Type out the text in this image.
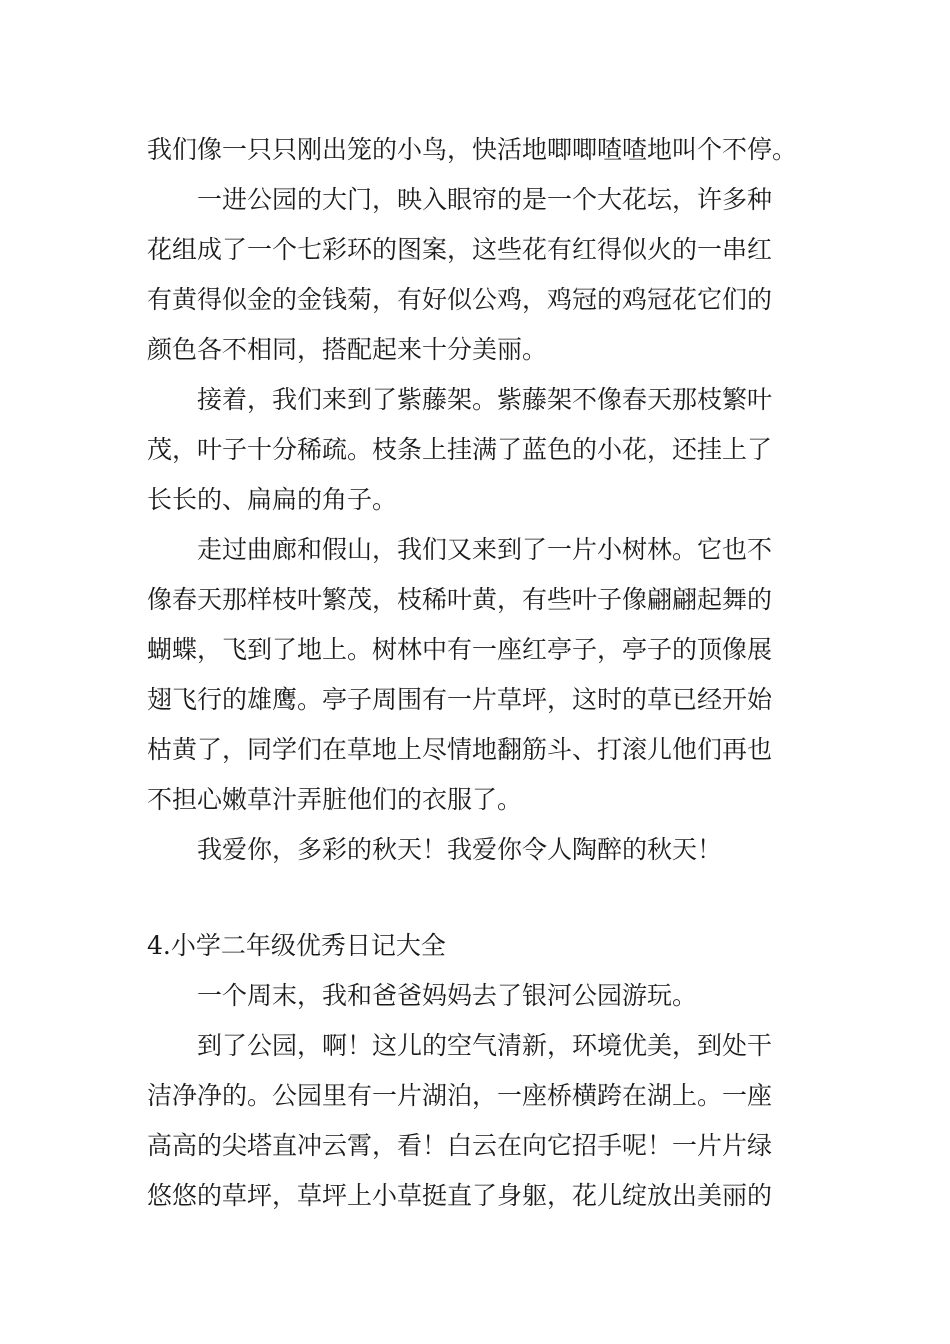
我们像一只只刚出笼的小鸟，快活地唧唧喳喳地叫个不停。
一进公园的大门，映入眼帘的是一个大花坛，许多种
花组成了一个七彩环的图案，这些花有红得似火的一串红
有黄得似金的金钱菊，有好似公鸡，鸡冠的鸡冠花它们的
颜色各不相同，搭配起来十分美丽。
接着，我们来到了紫藤架。紫藤架不像春天那枝繁叶
茂，叶子十分稀疏。枝条上挂满了蓝色的小花，还挂上了
长长的、扁扁的角子。
走过曲廊和假山，我们又来到了一片小树林。它也不
像春天那样枝叶繁茂，枝稀叶黄，有些叶子像翩翩起舞的
蝴蝶，飞到了地上。树林中有一座红亭子，亭子的顶像展
翅飞行的雄鹰。亭子周围有一片草坪，这时的草已经开始
枯黄了，同学们在草地上尽情地翻筋斗、打滚儿他们再也
不担心嫩草汁弄脏他们的衣服了。
我爱你，多彩的秋天！我爱你令人陶醉的秋天！
4.小学二年级优秀日记大全
一个周末，我和爸爸妈妈去了银河公园游玩。
到了公园，啊！这儿的空气清新，环境优美，到处干
洁净净的。公园里有一片湖泊，一座桥横跨在湖上。一座
高高的尖塔直冲云霄，看！白云在向它招手呢！一片片绿
悠悠的草坪，草坪上小草挺直了身躯，花儿绽放出美丽的
